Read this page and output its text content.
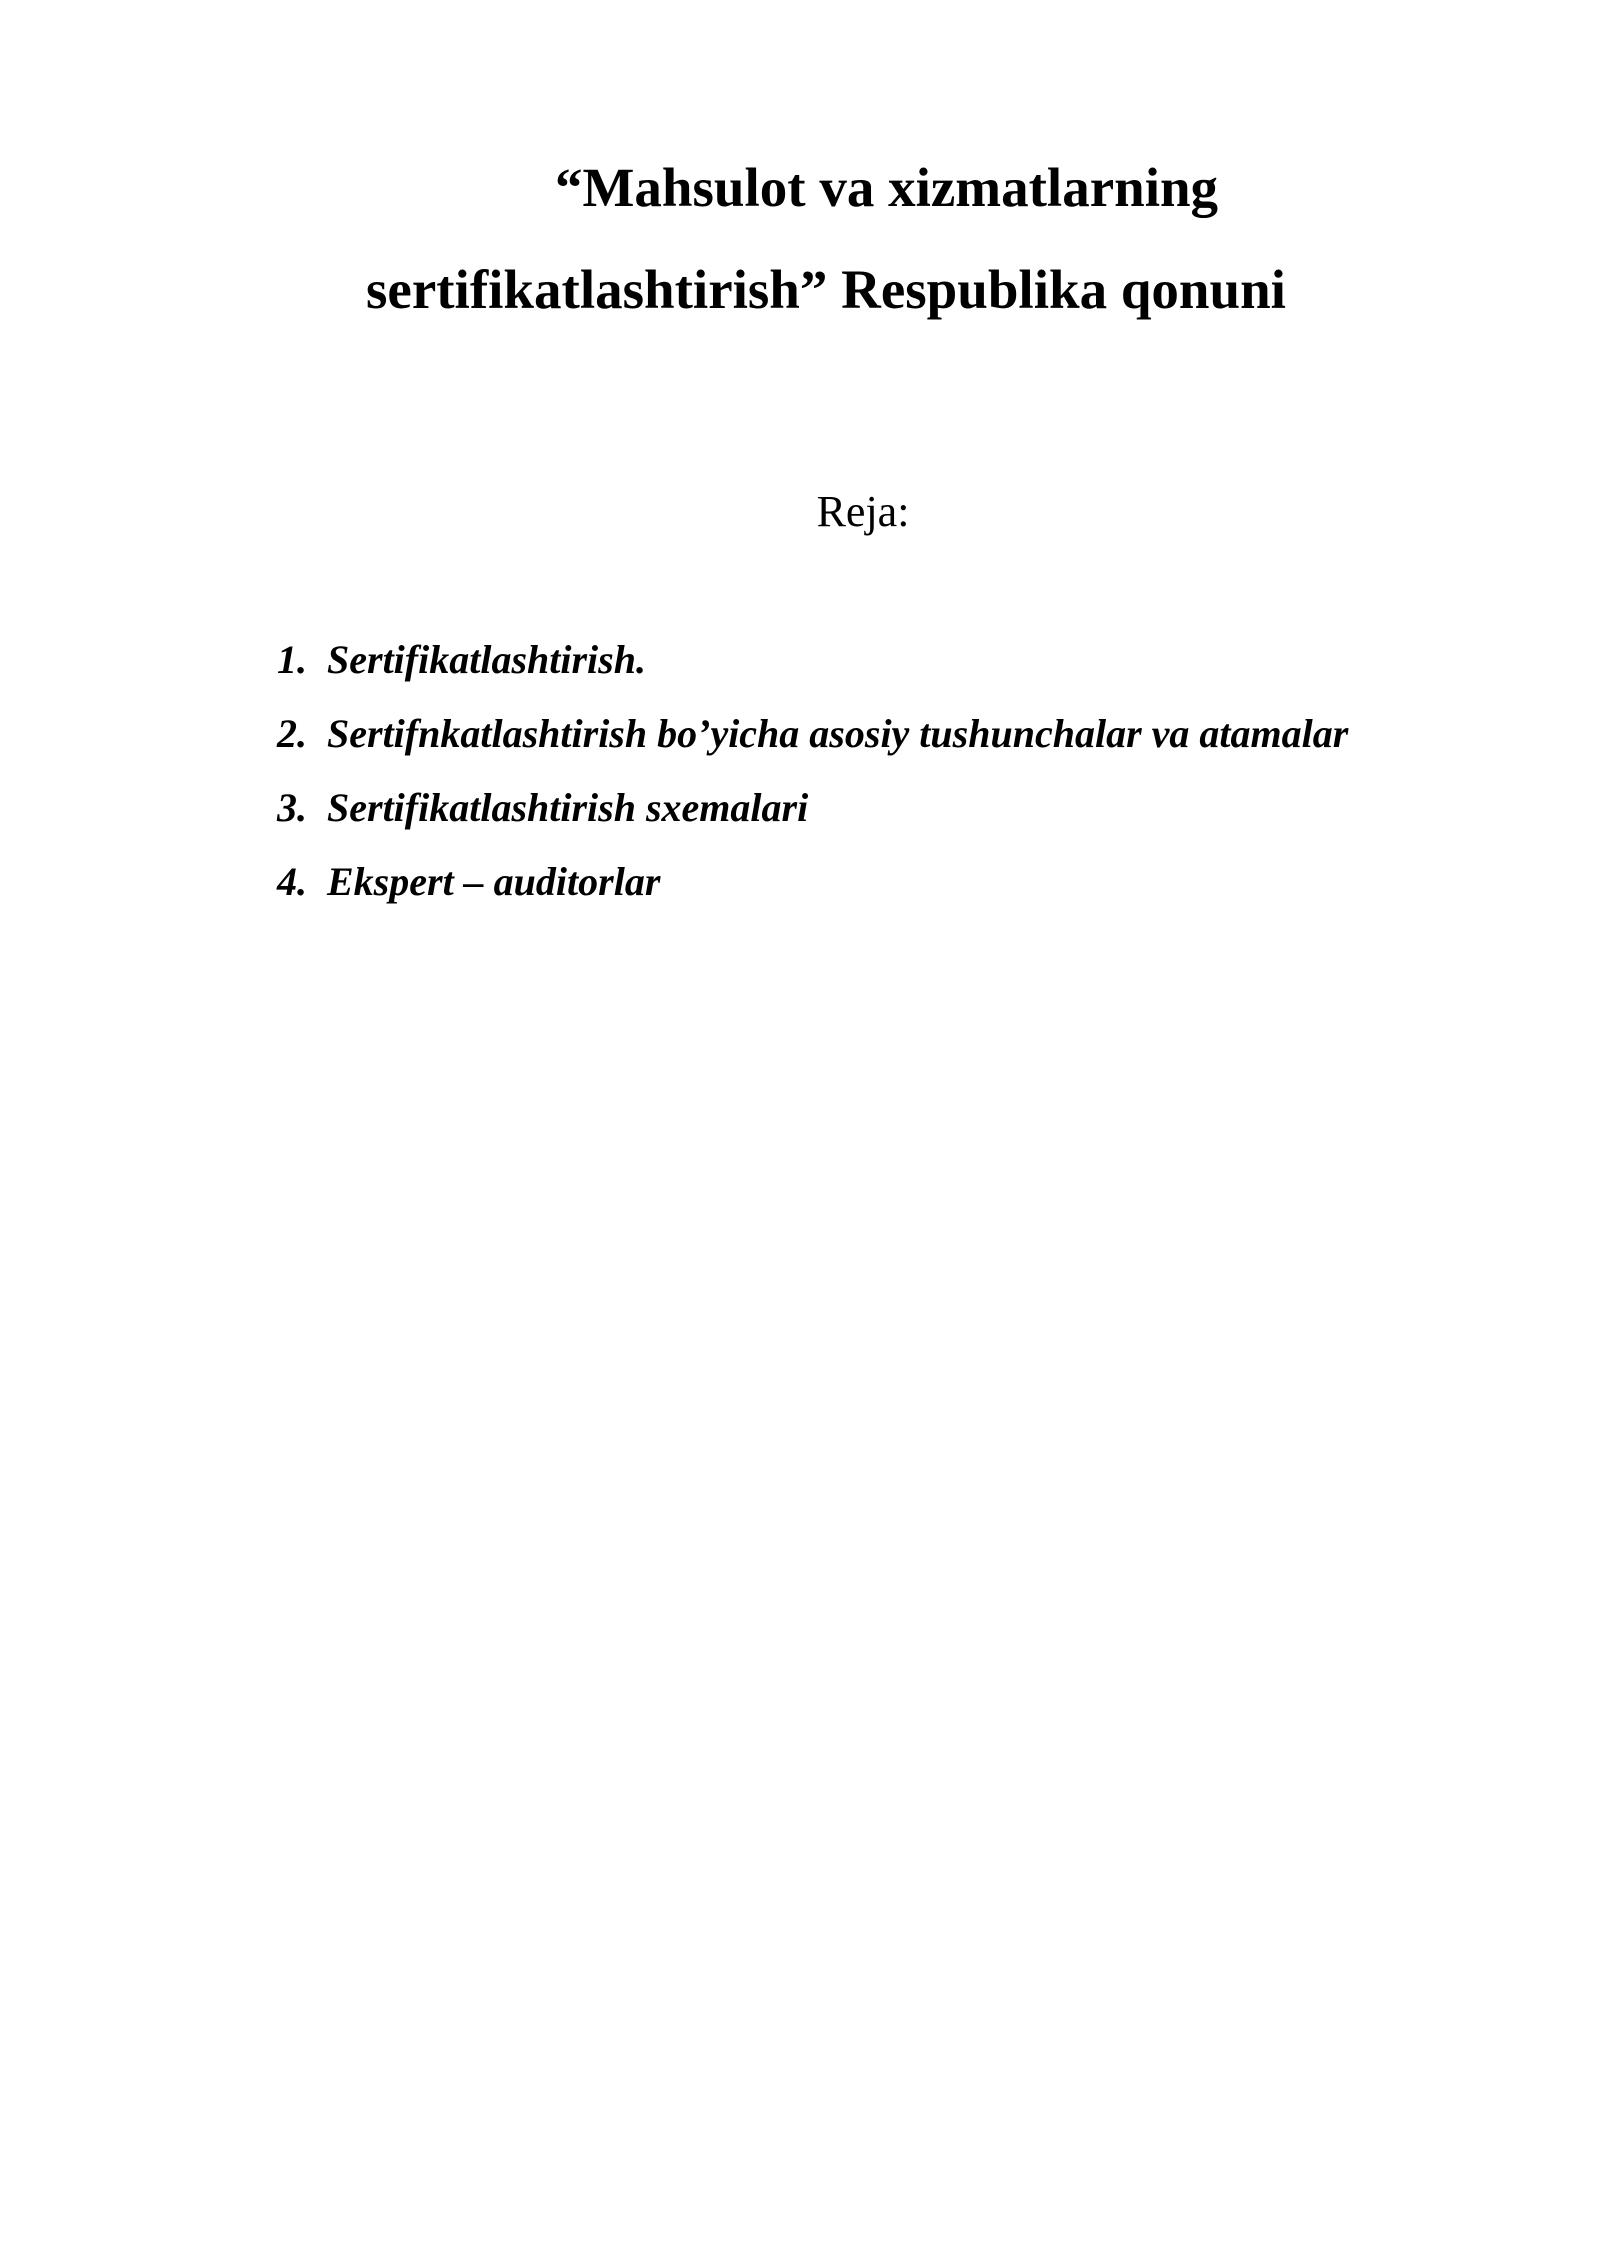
“Mahsulot va xizmatlarning
sertifikatlashtirish” Respublika qonuni
Reja:
1. Sertifikatlashtirish.
2. Sertifnkatlashtirish bo’yicha asosiy tushunchalar va atamalar
3. Sertifikatlashtirish sxemalari
4. Ekspert – auditorlar
